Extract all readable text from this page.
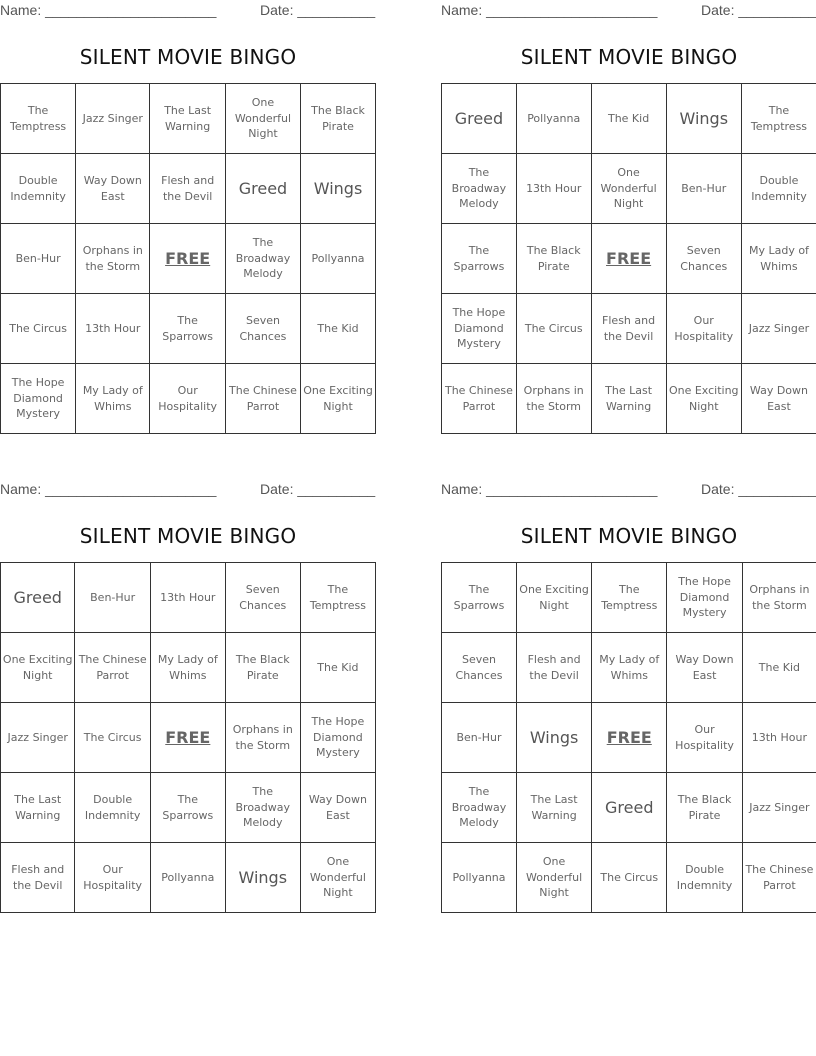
Name: ______________________	Date: __________
SILENT MOVIE BINGO
The Temptress	Jazz Singer	The Last Warning	One Wonderful Night	The Black Pirate
Double Indemnity	Way Down East	Flesh and the Devil	Greed	Wings
Ben-Hur	Orphans in the Storm	FREE	The Broadway Melody	Pollyanna
The Circus	13th Hour	The Sparrows	Seven Chances	The Kid
The Hope Diamond Mystery	My Lady of Whims	Our Hospitality	The Chinese Parrot	One Exciting Night
Name: ______________________	Date: __________
SILENT MOVIE BINGO
Greed	Pollyanna	The Kid	Wings	The Temptress
The Broadway Melody	13th Hour	One Wonderful Night	Ben-Hur	Double Indemnity
The Sparrows	The Black Pirate	FREE	Seven Chances	My Lady of Whims
The Hope Diamond Mystery	The Circus	Flesh and the Devil	Our Hospitality	Jazz Singer
The Chinese Parrot	Orphans in the Storm	The Last Warning	One Exciting Night	Way Down East
Name: ______________________	Date: __________
SILENT MOVIE BINGO
Greed	Ben-Hur	13th Hour	Seven Chances	The Temptress
One Exciting Night	The Chinese Parrot	My Lady of Whims	The Black Pirate	The Kid
Jazz Singer	The Circus	FREE	Orphans in the Storm	The Hope Diamond Mystery
The Last Warning	Double Indemnity	The Sparrows	The Broadway Melody	Way Down East
Flesh and the Devil	Our Hospitality	Pollyanna	Wings	One Wonderful Night
Name: ______________________	Date: __________
SILENT MOVIE BINGO
The Sparrows	One Exciting Night	The Temptress	The Hope Diamond Mystery	Orphans in the Storm
Seven Chances	Flesh and the Devil	My Lady of Whims	Way Down East	The Kid
Ben-Hur	Wings	FREE	Our Hospitality	13th Hour
The Broadway Melody	The Last Warning	Greed	The Black Pirate	Jazz Singer
Pollyanna	One Wonderful Night	The Circus	Double Indemnity	The Chinese Parrot
